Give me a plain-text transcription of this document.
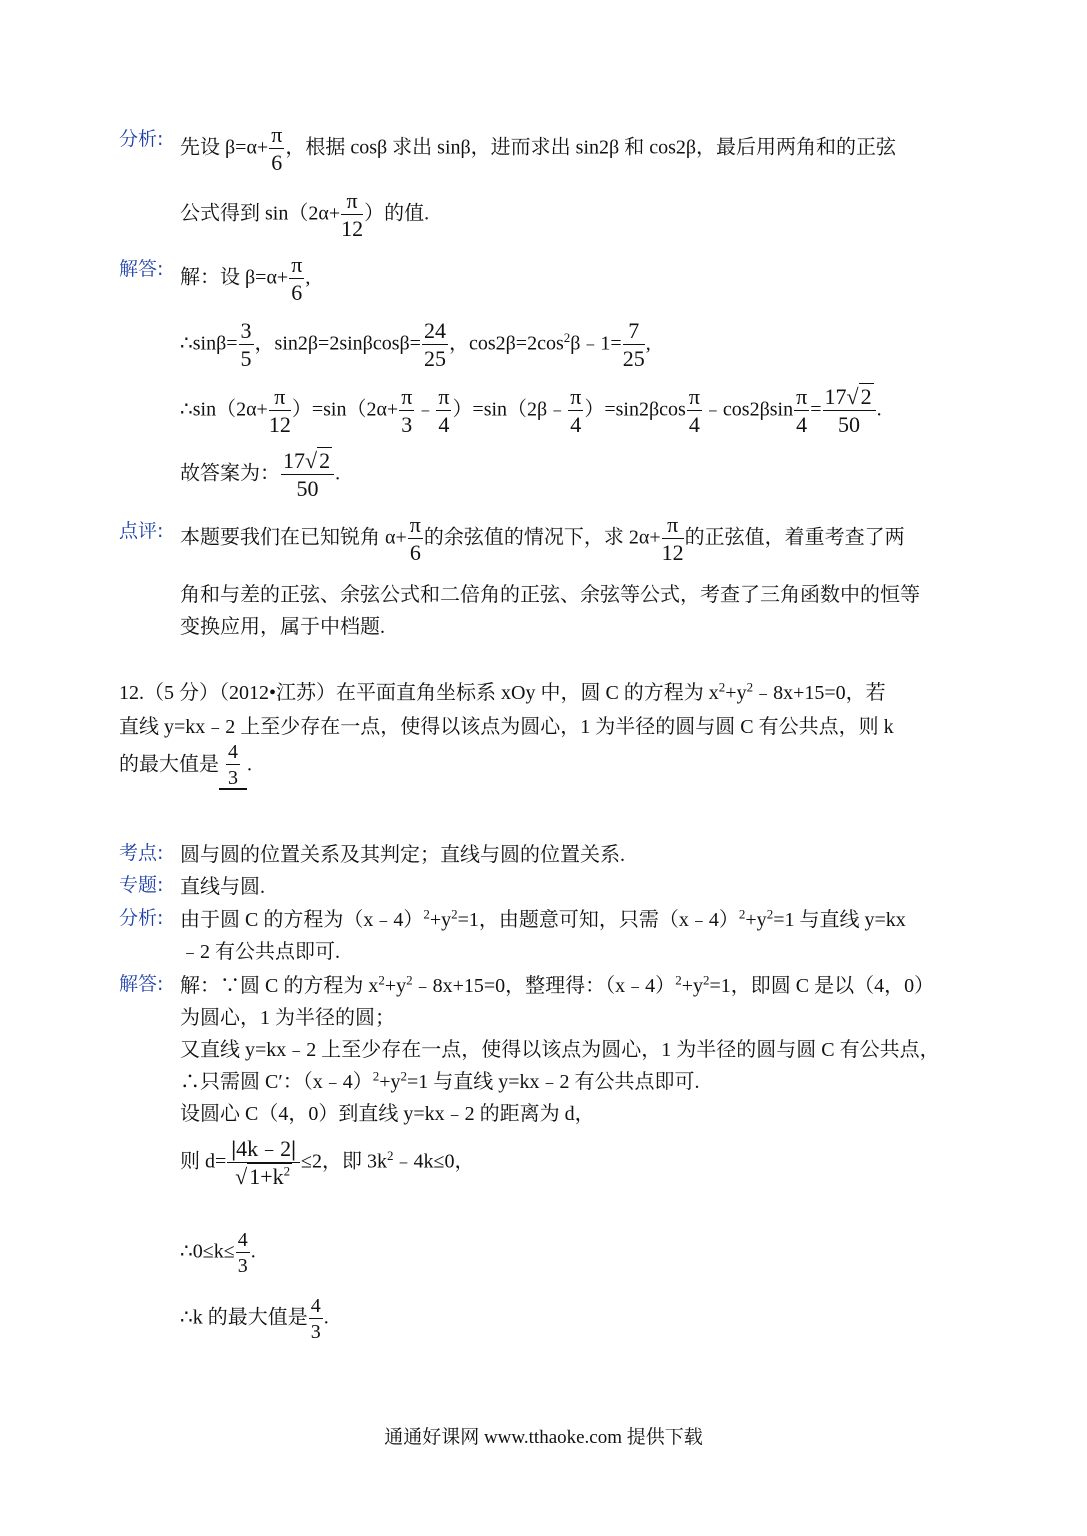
分析: 先设 $\beta=\alpha+ \frac{\pi}{6}$ ，根据 cosβ 求出 sinβ，进而求出 sin2β 和 cos2β，最后用两角和的正弦
公式得到 $\sin(2\alpha+ \frac{\pi}{12}$ ）的值.
解答: 解：设 $\beta=\alpha+ \frac{\pi}{6}$ ,
∴sinβ= $\frac{3}{5}$ ，$\sin 2\beta=2\sin\beta\cos\beta= \frac{24}{25}$ ，$\cos 2\beta=2\cos^2\beta﹣1= \frac{7}{25}$ ,
∴sin（2α+ $\frac{\pi}{12} )=\sin(2\alpha+ \frac{\pi}{3}$ ﹣ $\frac{\pi}{4}$ ）=sin（2β﹣ $\frac{\pi}{4} )=\sin 2\beta\cos \frac{\pi}{4}$ ﹣cos2βsin $\frac{\pi}{4} = \frac{17√2}{50}$ .
故答案为： $\frac{17√2}{50}$ .
点评: 本题要我们在已知锐角 $\alpha+ \frac{\pi}{6}$ 的余弦值的情况下，求 $2\alpha+ \frac{\pi}{12}$ 的正弦值，着重考查了两
角和与差的正弦、余弦公式和二倍角的正弦、余弦等公式，考查了三角函数中的恒等
变换应用，属于中档题.
12.（5 分）（2012•江苏）在平面直角坐标系 xOy 中，圆 C 的方程为 $x^2+y^2﹣8x+15=0$，若
直线 y=kx﹣2 上至少存在一点，使得以该点为圆心，1 为半径的圆与圆 C 有公共点，则 k
的最大值是 $\frac{4}{3}$ .
考点: 圆与圆的位置关系及其判定；直线与圆的位置关系.
专题: 直线与圆.
分析: 由于圆 C 的方程为$(x﹣4)^2+y^2=1$，由题意可知，只需$(x﹣4)^2+y^2=1$ 与直线 y=kx
﹣2 有公共点即可.
解答: 解：∵圆 C 的方程为 $x^2+y^2﹣8x+15=0$，整理得：$(x﹣4)^2+y^2=1$，即圆 C 是以（4，0）
为圆心，1 为半径的圆；
又直线 y=kx﹣2 上至少存在一点，使得以该点为圆心，1 为半径的圆与圆 C 有公共点，
∴只需圆 C′：$(x﹣4)^2+y^2=1$ 与直线 y=kx﹣2 有公共点即可.
设圆心 C（4，0）到直线 y=kx﹣2 的距离为 d，
则 $d= \frac{|4k﹣2|}{√1+k^2} \le 2$，即 $3k^2﹣4k\le 0$，
∴0≤k≤ $\frac{4}{3}$ .
∴k 的最大值是 $\frac{4}{3}$ .
通通好课网 www.tthaoke.com 提供下载
